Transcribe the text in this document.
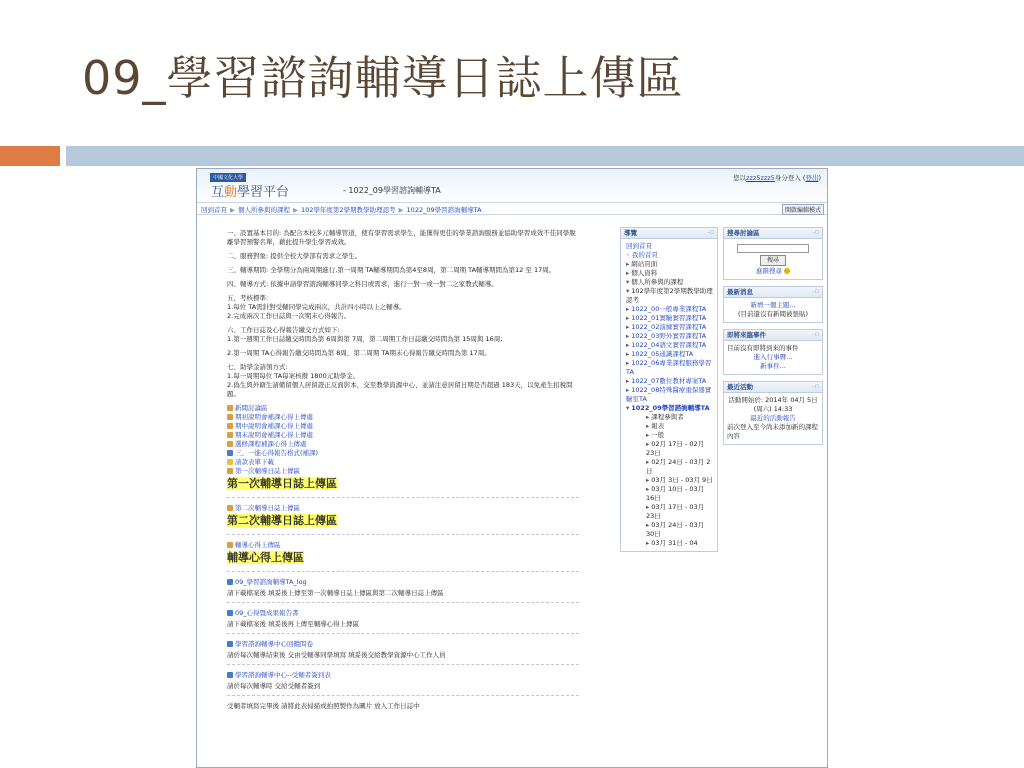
09_學習諮詢輔導日誌上傳區
中國文化大學
互動學習平台	- 1022_09學習諮詢輔導TA
您以zzz5zzz5身分登入 (登出)
回到首頁 ▶ 個人所參與的課程 ▶ 102學年度第2學期教學助理認考 ▶ 1022_09學習諮詢輔導TA	開啟編輯模式

一、設置基本目的: 為配合本校多元輔導管道，使有學習需求學生，能獲得更佳的學業諮詢服務並協助學習成效不佳同學脫離學習預警名單，藉此提升學生學習成效。

二、服務對象: 提供全校大學部有需求之學生。

三、輔導期間: 全學期分為兩周期進行,第一周期 TA輔導期間為第4至8周，第二周期 TA輔導期間為第12 至 17周。

四、輔導方式: 依據申請學習諮詢輔導同學之科目或需求，進行一對一或一對二之家教式輔導。

五、考核標準:
1.每位 TA需針對受輔同學完成兩次，共計四小時以上之輔導。
2.完成兩次工作日誌與一次期末心得報告。

六、工作日誌及心得報告繳交方式如下:
1.第一週期工作日誌繳交時間為第 6周與第 7周，第二周期工作日誌繳交時間為第 15周與 16周;

2.第一周期 TA心得報告繳交時間為第 8周，第二周期 TA期末心得報告繳交時間為第 17周。

七、助學金請領方式:
1.每一周期每位 TA每案核撥 1800元助學金。
2.偽生與外籍生請備留個人居留證正反面影本，交至教學資源中心，並請注意居留日期是否超過 183天，以免產生扣稅問題。

新聞討論區
期初說明會補課心得上傳處
期中說明會補課心得上傳處
期末說明會補課心得上傳處
選修課程補課心得上傳處
三、一進心得報告格式(補課)
請款表單下載
第一次輔導日誌上傳區
第一次輔導日誌上傳區
第二次輔導日誌上傳區
第二次輔導日誌上傳區
輔導心得上傳區
輔導心得上傳區
09_學習諮詢輔導TA_log
請下載檔案後 填妥後上傳至第一次輔導日誌上傳區與第二次輔導日誌上傳區
09_心得暨成果報告書
請下載檔案後 填妥後再上傳至輔導心得上傳區
學習諮詢輔導中心回饋問卷
請於每次輔導結束後 交由受輔導同學填寫 填妥後交給教學資源中心工作人員
學習諮詢輔導中心--受輔者簽到表
請於每次輔導時 交給受輔者簽到
受輔者填寫完畢後 請將此表掃描或拍照製作為圖片 放入工作日誌中
導覽	-▫
回到首頁
◦ 我的首頁
▸ 網站頁面
▸ 個人資料
▾ 個人所參與的課程
▾ 102學年度第2學期教學助理認考
▸ 1022_00一般專業課程TA
▸ 1022_01實驗實習課程TA
▸ 1022_02演練實習課程TA
▸ 1022_03野外實習課程TA
▸ 1022_04語文實習課程TA
▸ 1022_05通識課程TA
▸ 1022_06專業課程服務學習TA
▸ 1022_07數位教材專案TA
▸ 1022_08特殊醫療重保器實驗室TA
▾ 1022_09學習諮詢輔導TA
▸ 課程參與者
▸ 報表
▸ 一般
▸ 02月 17日 - 02月 23日
▸ 02月 24日 - 03月 2日
▸ 03月 3日 - 03月 9日
▸ 03月 10日 - 03月 16日
▸ 03月 17日 - 03月 23日
▸ 03月 24日 - 03月 30日
▸ 03月 31日 - 04
搜尋討論區	-▫
搜尋
進階搜尋
最新消息	-▫
新增一個主題...
(目前還沒有新聞被張貼)
即將來臨事件	-▫
目前沒有即將到來的事件
進入行事曆...
新事件...
最近活動	-▫
活動開始於: 2014年 04月 5日(周六) 14:33
最近的活動報告
前次登入至今尚未添加新的課程內容
